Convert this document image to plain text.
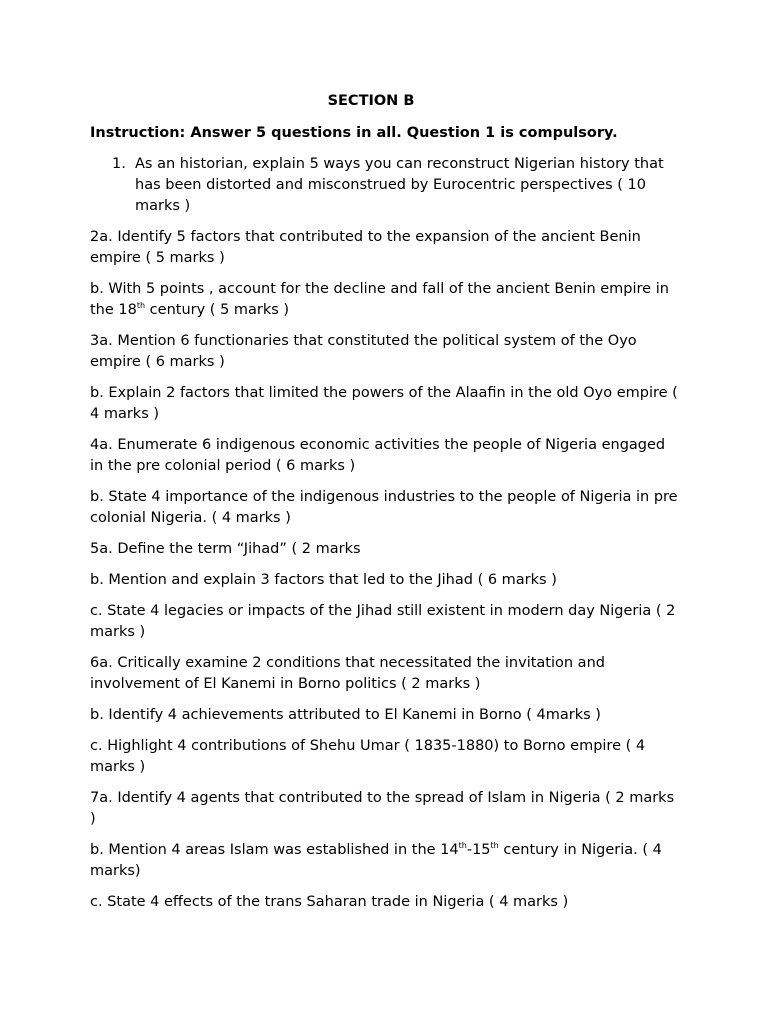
SECTION B
Instruction: Answer 5 questions in all. Question 1 is compulsory.
1. As an historian, explain 5 ways you can reconstruct Nigerian history that has been distorted and misconstrued by Eurocentric perspectives ( 10 marks )
2a. Identify 5 factors that contributed to the expansion of the ancient Benin empire ( 5 marks )
b. With 5 points , account for the decline and fall of the ancient Benin empire in the 18th century ( 5 marks )
3a. Mention 6 functionaries that constituted the political system of the Oyo empire ( 6 marks )
b. Explain 2 factors that limited the powers of the Alaafin in the old Oyo empire ( 4 marks )
4a. Enumerate 6 indigenous economic activities the people of Nigeria engaged in the pre colonial period ( 6 marks )
b. State 4 importance of the indigenous industries to the people of Nigeria in pre colonial Nigeria. ( 4 marks )
5a. Define the term “Jihad” ( 2 marks
b. Mention and explain 3 factors that led to the Jihad ( 6 marks )
c. State 4 legacies or impacts of the Jihad still existent in modern day Nigeria ( 2 marks )
6a. Critically examine 2 conditions that necessitated the invitation and involvement of El Kanemi in Borno politics ( 2 marks )
b. Identify 4 achievements attributed to El Kanemi in Borno ( 4marks )
c. Highlight 4 contributions of Shehu Umar ( 1835-1880) to Borno empire ( 4 marks )
7a. Identify 4 agents that contributed to the spread of Islam in Nigeria ( 2 marks )
b. Mention 4 areas Islam was established in the 14th-15th century in Nigeria. ( 4 marks)
c. State 4 effects of the trans Saharan trade in Nigeria ( 4 marks )
